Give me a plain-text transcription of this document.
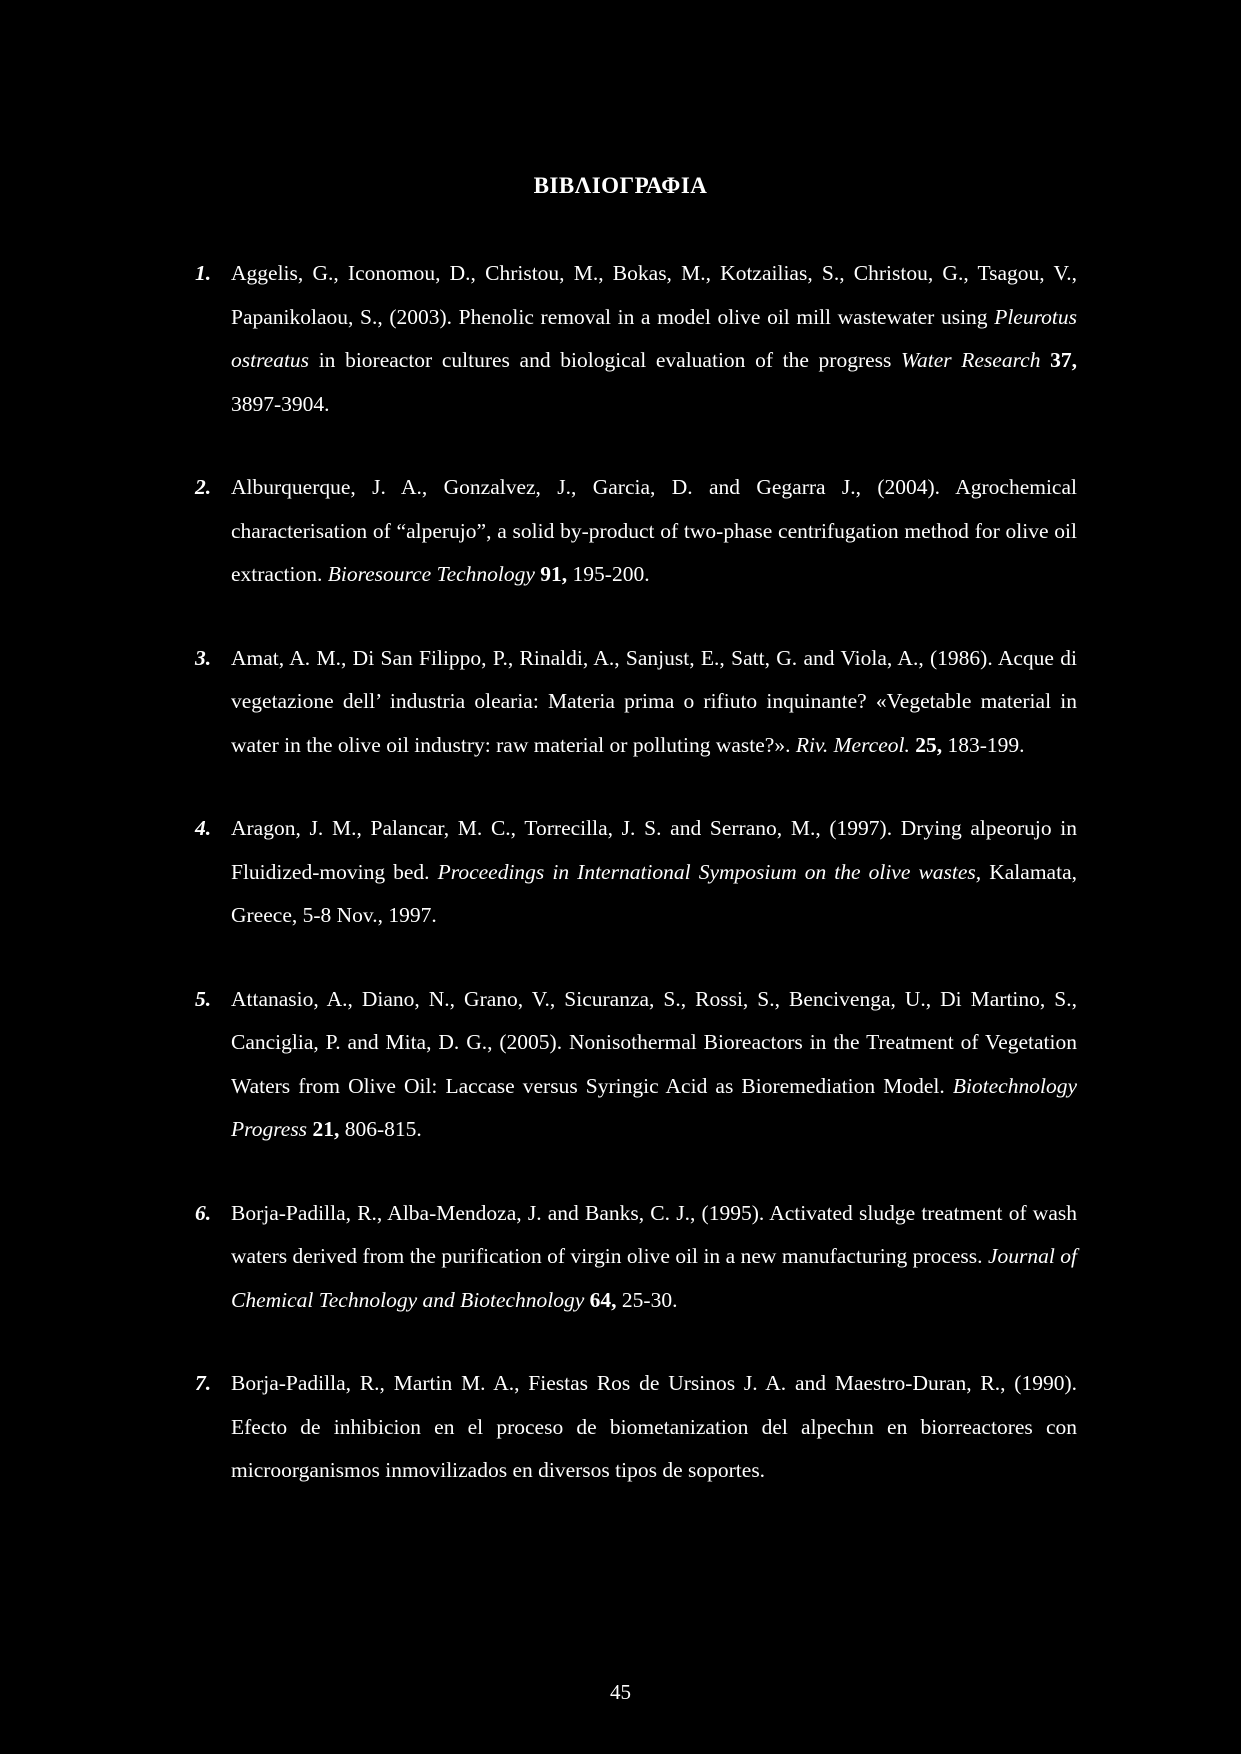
ΒΙΒΛΙΟΓΡΑΦΙΑ
1. Aggelis, G., Iconomou, D., Christou, M., Bokas, M., Kotzailias, S., Christou, G., Tsagou, V., Papanikolaou, S., (2003). Phenolic removal in a model olive oil mill wastewater using Pleurotus ostreatus in bioreactor cultures and biological evaluation of the progress Water Research 37, 3897-3904.
2. Alburquerque, J. A., Gonzalvez, J., Garcia, D. and Gegarra J., (2004). Agrochemical characterisation of “alperujo”, a solid by-product of two-phase centrifugation method for olive oil extraction. Bioresource Technology 91, 195-200.
3. Amat, A. M., Di San Filippo, P., Rinaldi, A., Sanjust, E., Satt, G. and Viola, A., (1986). Acque di vegetazione dell’ industria olearia: Materia prima o rifiuto inquinante? «Vegetable material in water in the olive oil industry: raw material or polluting waste?». Riv. Merceol. 25, 183-199.
4. Aragon, J. M., Palancar, M. C., Torrecilla, J. S. and Serrano, M., (1997). Drying alpeorujo in Fluidized-moving bed. Proceedings in International Symposium on the olive wastes, Kalamata, Greece, 5-8 Nov., 1997.
5. Attanasio, A., Diano, N., Grano, V., Sicuranza, S., Rossi, S., Bencivenga, U., Di Martino, S., Canciglia, P. and Mita, D. G., (2005). Nonisothermal Bioreactors in the Treatment of Vegetation Waters from Olive Oil: Laccase versus Syringic Acid as Bioremediation Model. Biotechnology Progress 21, 806-815.
6. Borja-Padilla, R., Alba-Mendoza, J. and Banks, C. J., (1995). Activated sludge treatment of wash waters derived from the purification of virgin olive oil in a new manufacturing process. Journal of Chemical Technology and Biotechnology 64, 25-30.
7. Borja-Padilla, R., Martin M. A., Fiestas Ros de Ursinos J. A. and Maestro-Duran, R., (1990). Efecto de inhibicion en el proceso de biometanization del alpechın en biorreactores con microorganismos inmovilizados en diversos tipos de soportes.
45
